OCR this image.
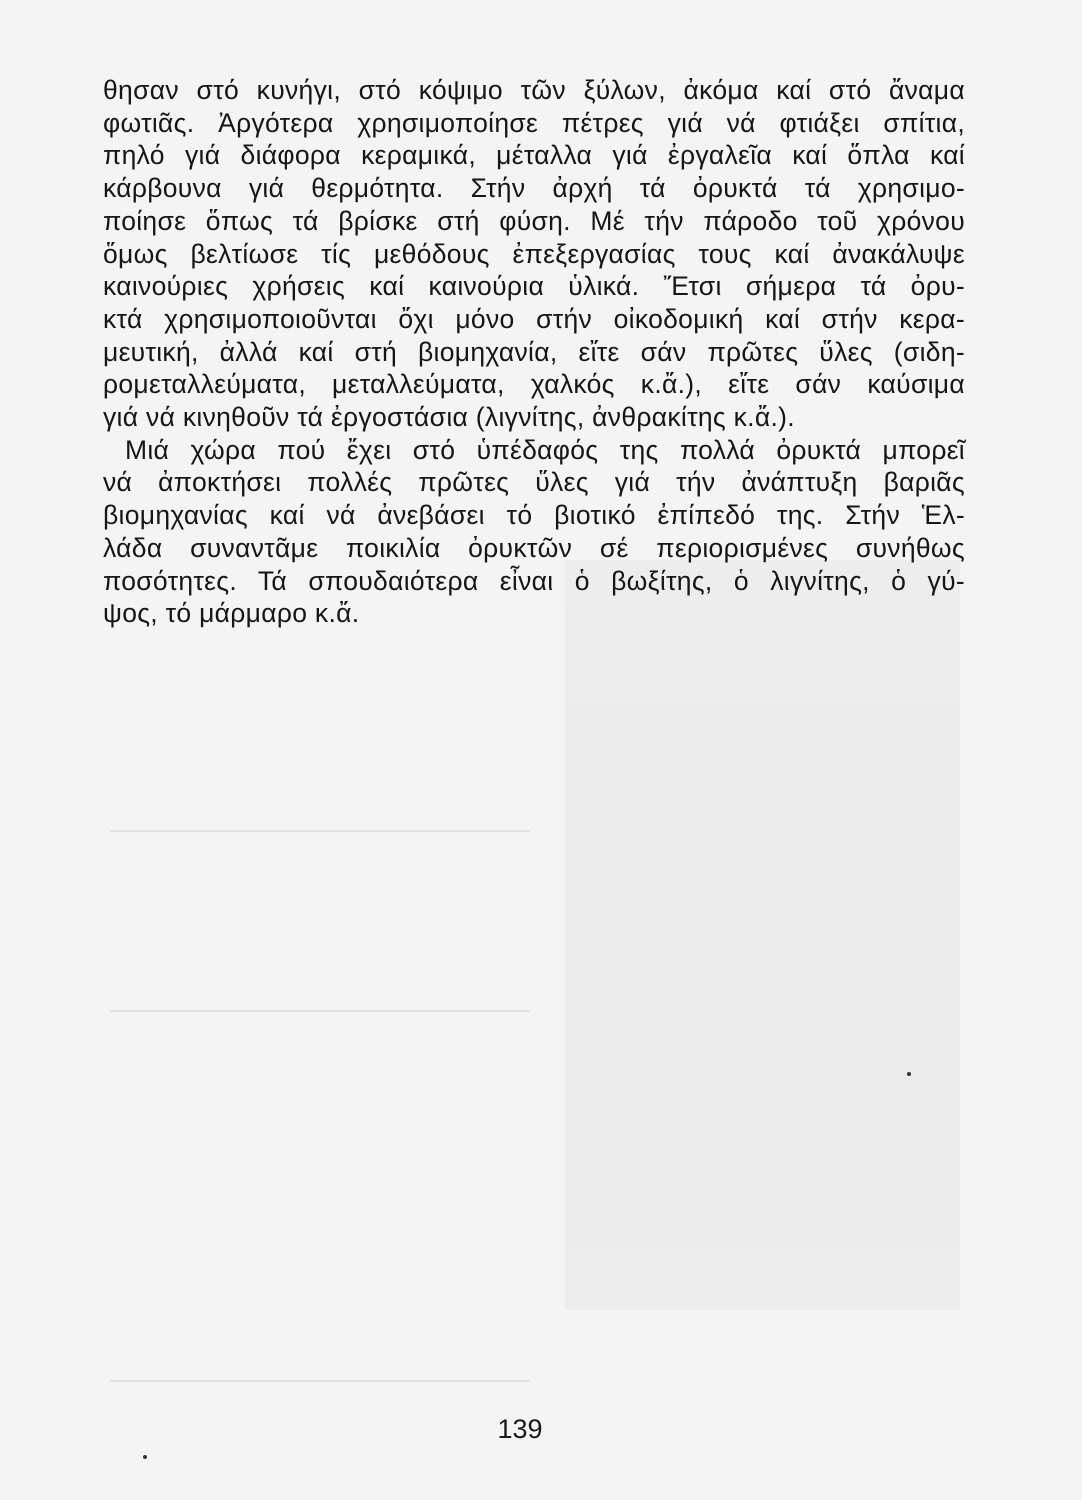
θησαν στό κυνήγι, στό κόψιμο τῶν ξύλων, ἀκόμα καί στό ἄναμα
φωτιᾶς. Ἀργότερα χρησιμοποίησε πέτρες γιά νά φτιάξει σπίτια,
πηλό γιά διάφορα κεραμικά, μέταλλα γιά ἐργαλεῖα καί ὅπλα καί
κάρβουνα γιά θερμότητα. Στήν ἀρχή τά ὀρυκτά τά χρησιμο-
ποίησε ὅπως τά βρίσκε στή φύση. Μέ τήν πάροδο τοῦ χρόνου
ὅμως βελτίωσε τίς μεθόδους ἐπεξεργασίας τους καί ἀνακάλυψε
καινούριες χρήσεις καί καινούρια ὑλικά. Ἔτσι σήμερα τά ὀρυ-
κτά χρησιμοποιοῦνται ὄχι μόνο στήν οἰκοδομική καί στήν κερα-
μευτική, ἀλλά καί στή βιομηχανία, εἴτε σάν πρῶτες ὕλες (σιδη-
ρομεταλλεύματα, μεταλλεύματα, χαλκός κ.ἄ.), εἴτε σάν καύσιμα
γιά νά κινηθοῦν τά ἐργοστάσια (λιγνίτης, ἀνθρακίτης κ.ἄ.).

Μιά χώρα πού ἔχει στό ὑπέδαφός της πολλά ὀρυκτά μπορεῖ
νά ἀποκτήσει πολλές πρῶτες ὕλες γιά τήν ἀνάπτυξη βαριᾶς
βιομηχανίας καί νά ἀνεβάσει τό βιοτικό ἐπίπεδό της. Στήν Ἑλ-
λάδα συναντᾶμε ποικιλία ὀρυκτῶν σέ περιορισμένες συνήθως
ποσότητες. Τά σπουδαιότερα εἶναι ὁ βωξίτης, ὁ λιγνίτης, ὁ γύ-
ψος, τό μάρμαρο κ.ἄ.

139
